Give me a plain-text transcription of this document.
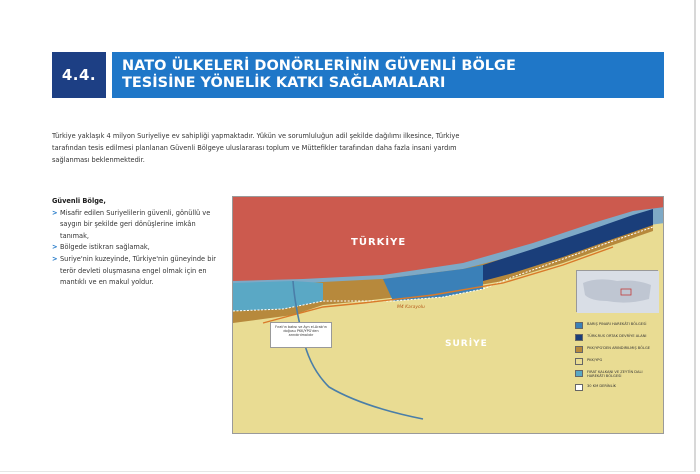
4.4.	NATO ÜLKELERİ DONÖRLERİNİN GÜVENLİ BÖLGE
TESİSİNE YÖNELİK KATKI SAĞLAMALARI

Türkiye yaklaşık 4 milyon Suriyeliye ev sahipliği yapmaktadır. Yükün ve sorumluluğun adil şekilde dağılımı ilkesince, Türkiye tarafından tesis edilmesi planlanan Güvenli Bölgeye uluslararası toplum ve Müttefikler tarafından daha fazla insani yardım sağlanması beklenmektedir.

Güvenli Bölge,
> Misafir edilen Suriyelilerin güvenli, gönüllü ve saygın bir şekilde geri dönüşlerine imkân tanımak,
> Bölgede istikrarı sağlamak,
> Suriye'nin kuzeyinde, Türkiye'nin güneyinde bir terör devleti oluşmasına engel olmak için en mantıklı ve en makul yoldur.
TÜRKİYE
SURİYE
M4 Karayolu
Fırat'ın batısı ve Ayn el-Arab'ın doğusu PKK/YPG'den arındırılmalıdır
BARIŞ PINARI HAREKÂTI BÖLGESİ
TÜRK-RUS ORTAK DEVRİYE ALANI
PKK/YPG'DEN ARINDIRILMIŞ BÖLGE
PKK/YPG
FIRAT KALKANI VE ZEYTİN DALI HAREKÂTI BÖLGESİ
30 KM DERİNLİK
